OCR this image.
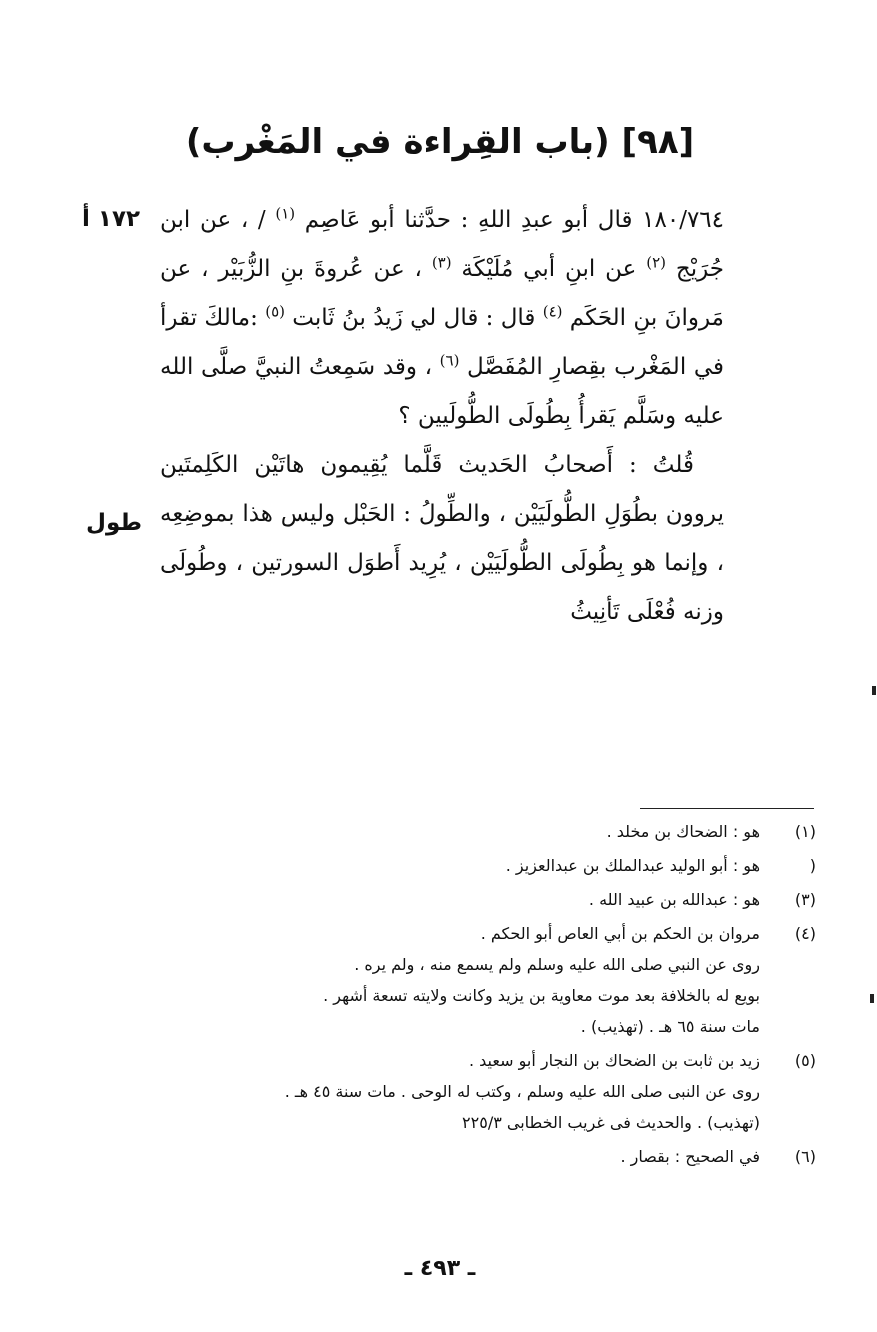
[٩٨] (باب القِراءة في المَغْرب)
١٧٢ أ
طول

١٨٠/٧٦٤ قال أبو عبدِ اللهِ : حدَّثنا أبو عَاصِم $^{(١)}$ / ، عن ابن جُرَيْج $^{(٢)}$ عن ابنِ أبي مُلَيْكَة $^{(٣)}$ ، عن عُروةَ بنِ الزُّبَيْر ، عن مَروانَ بنِ الحَكَم $^{(٤)}$ قال : قال لي زَيدُ بنُ ثَابت $^{(٥)}$ :مالكَ تقرأ في المَغْرب بقِصارِ المُفَصَّل $^{(٦)}$ ، وقد سَمِعتُ النبيَّ صلَّى الله عليه وسَلَّم يَقرأُ بِطُولَى الطُّولَيين ؟

قُلتُ : أَصحابُ الحَديث قَلَّما يُقِيمون هاتَيْن الكَلِمتَين يروون بطُوَلِ الطُّولَيَيْن ، والطِّولُ : الحَبْل وليس هذا بموضِعِه ، وإنما هو بِطُولَى الطُّولَيَيْن ، يُرِيد أَطوَل السورتين ، وطُولَى وزنه فُعْلَى تَأنِيثُ

(١)
هو : الضحاك بن مخلد .
(
هو : أبو الوليد عبدالملك بن عبدالعزيز .
(٣)
هو : عبدالله بن عبيد الله .
(٤)
مروان بن الحكم بن أبي العاص أبو الحكم .
روى عن النبي صلى الله عليه وسلم ولم يسمع منه ، ولم يره .
بويع له بالخلافة بعد موت معاوية بن يزيد وكانت ولايته تسعة أشهر .
مات سنة ٦٥ هـ . (تهذيب) .
(٥)
زيد بن ثابت بن الضحاك بن النجار أبو سعيد .
روى عن النبى صلى الله عليه وسلم ، وكتب له الوحى . مات سنة ٤٥ هـ .
(تهذيب) . والحديث فى غريب الخطابى ٢٢٥/٣
(٦)
في الصحيح : بقصار .
ـ ٤٩٣ ـ
